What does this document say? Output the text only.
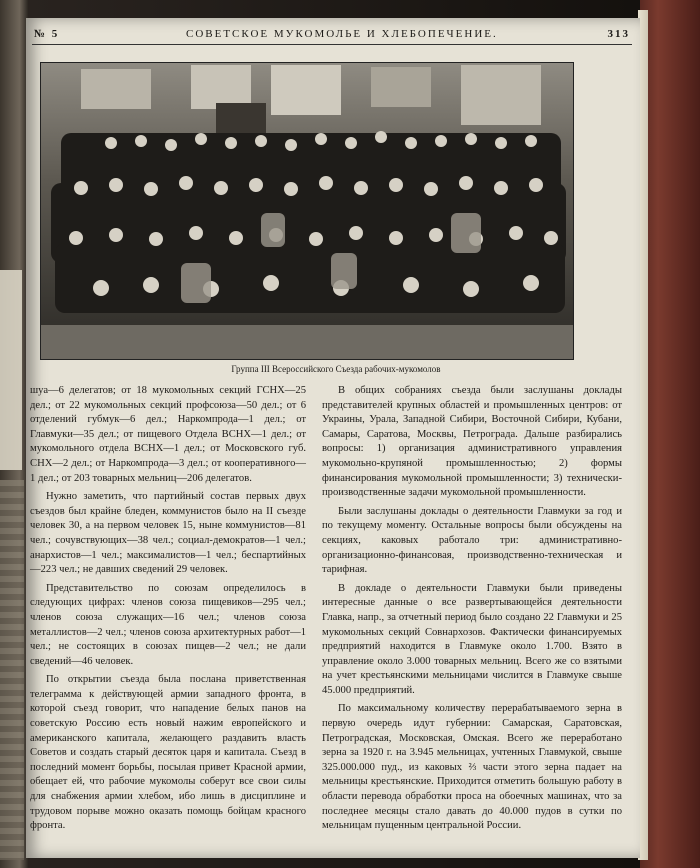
№ 5	СОВЕТСКОЕ МУКОМОЛЬЕ И ХЛЕБОПЕЧЕНИЕ.	313
Группа III Всероссийского Съезда рабочих-мукомолов

шуа—6 делегатов; от 18 мукомольных секций ГСНХ—25 дел.; от 22 мукомольных секций профсоюза—50 дел.; от 6 отделений губмук—6 дел.; Наркомпрода—1 дел.; от Главмуки—35 дел.; от пищевого Отдела ВСНХ—1 дел.; от мукомольного отдела ВСНХ—1 дел.; от Московского губ. СНХ—2 дел.; от Наркомпрода—3 дел.; от кооперативного—1 дел.; от 203 товарных мельниц—206 делегатов.

Нужно заметить, что партийный состав первых двух съездов был крайне бледен, коммунистов было на II съезде человек 30, а на первом человек 15, ныне коммунистов—81 чел.; сочувствующих—38 чел.; социал-демократов—1 чел.; анархистов—1 чел.; максималистов—1 чел.; беспартийных—223 чел.; не давших сведений 29 человек.

Представительство по союзам определилось в следующих цифрах: членов союза пищевиков—295 чел.; членов союза служащих—16 чел.; членов союза металлистов—2 чел.; членов союза архитектурных работ—1 чел.; не состоящих в союзах пищев—2 чел.; не дали сведений—46 человек.

По открытии съезда была послана приветственная телеграмма к действующей армии западного фронта, в которой съезд говорит, что нападение белых панов на советскую Россию есть новый нажим европейского и американского капитала, желающего раздавить власть Советов и создать старый десяток царя и капитала. Съезд в последний момент борьбы, посылая привет Красной армии, обещает ей, что рабочие мукомолы соберут все свои силы для снабжения армии хлебом, ибо лишь в дисциплине и трудовом порыве можно оказать помощь бойцам красного фронта.

В общих собраниях съезда были заслушаны доклады представителей крупных областей и промышленных центров: от Украины, Урала, Западной Сибири, Восточной Сибири, Кубани, Самары, Саратова, Москвы, Петрограда. Дальше разбирались вопросы: 1) организация административного управления мукомольно-крупяной промышленностью; 2) формы финансирования мукомольной промышленности; 3) технически-производственные задачи мукомольной промышленности.

Были заслушаны доклады о деятельности Главмуки за год и по текущему моменту. Остальные вопросы были обсуждены на секциях, каковых работало три: административно-организационно-финансовая, производственно-техническая и тарифная.

В докладе о деятельности Главмуки были приведены интересные данные о все развертывающейся деятельности Главка, напр., за отчетный период было создано 22 Главмуки и 25 мукомольных секций Совнархозов. Фактически финансируемых предприятий находится в Главмуке около 1.700. Взято в управление около 3.000 товарных мельниц. Всего же со взятыми на учет крестьянскими мельницами числится в Главмуке свыше 45.000 предприятий.

По максимальному количеству перерабатываемого зерна в первую очередь идут губернии: Самарская, Саратовская, Петроградская, Московская, Омская. Всего же переработано зерна за 1920 г. на 3.945 мельницах, учтенных Главмукой, свыше 325.000.000 пуд., из каковых ⅔ части этого зерна падает на мельницы крестьянские. Приходится отметить большую работу в области перевода обработки проса на обоечных машинах, что за последнее месяцы стало давать до 40.000 пудов в сутки по мельницам пущенным центральной России.
